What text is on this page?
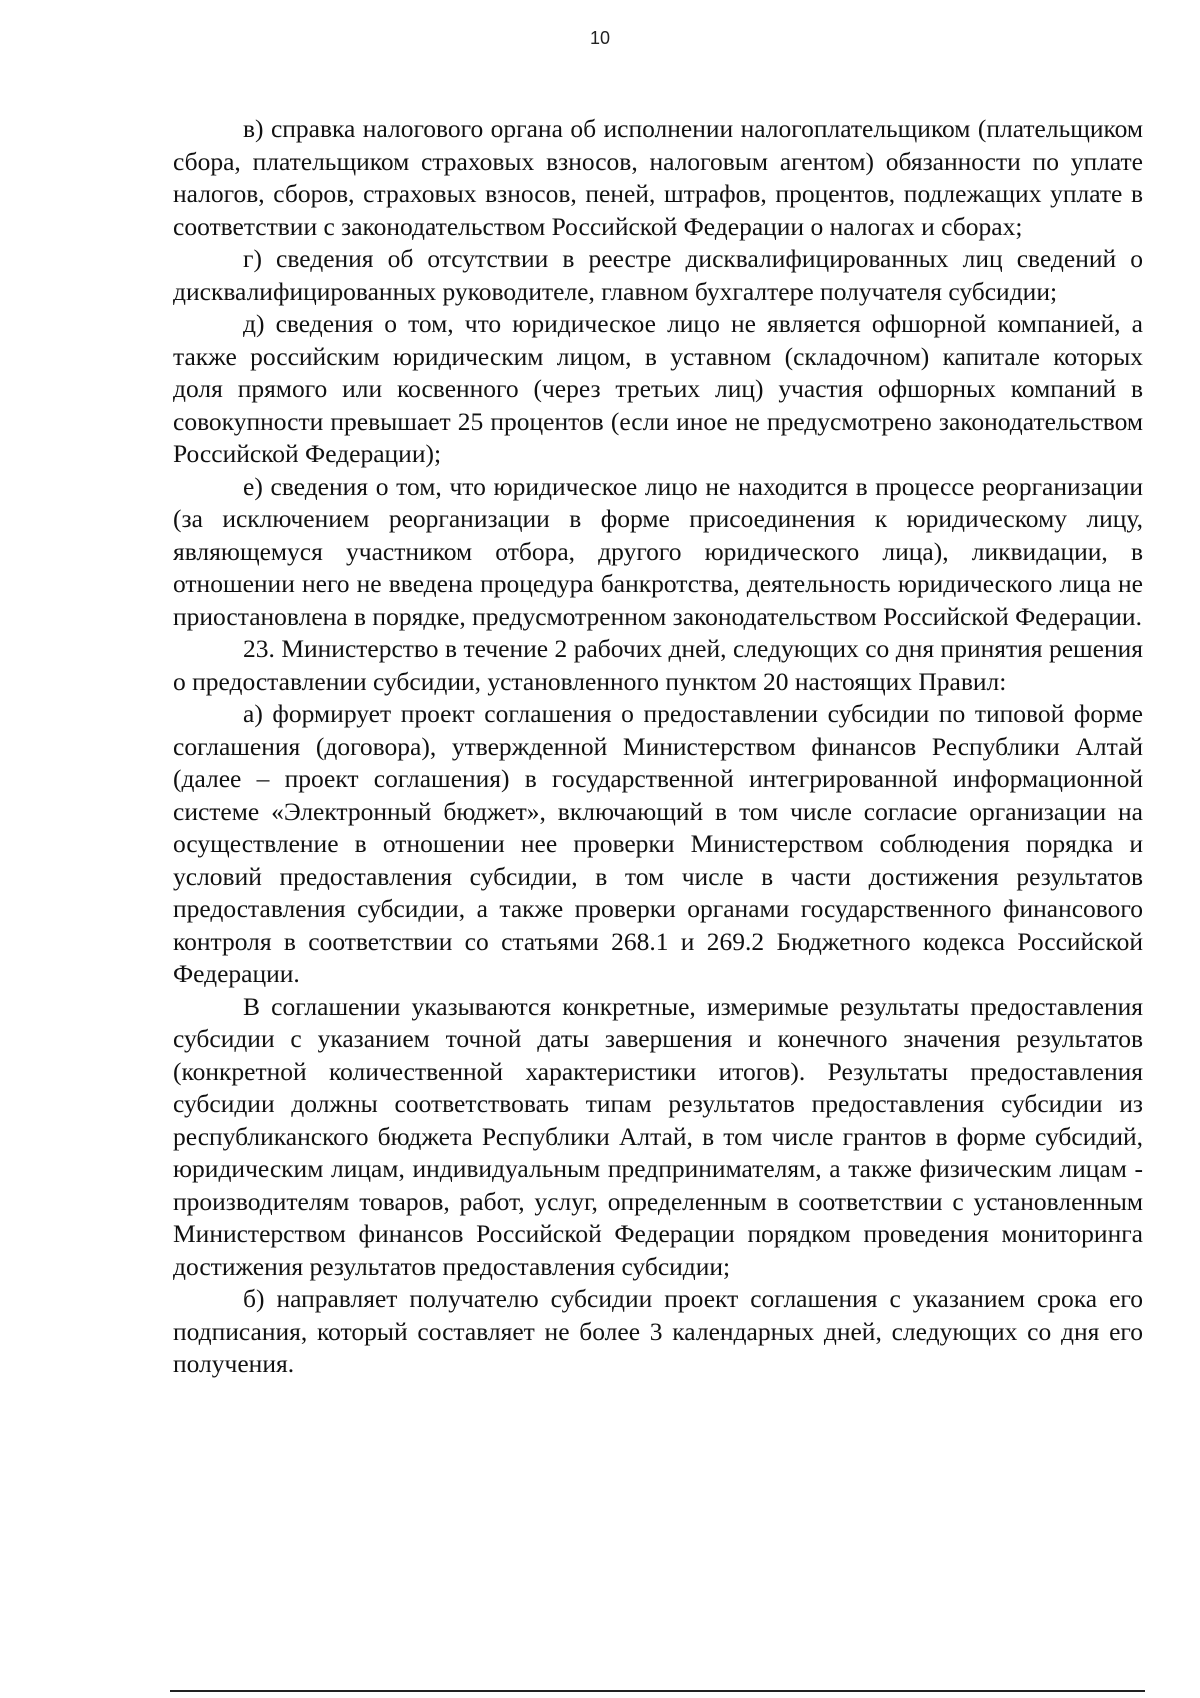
10

в) справка налогового органа об исполнении налогоплательщиком (плательщиком сбора, плательщиком страховых взносов, налоговым агентом) обязанности по уплате налогов, сборов, страховых взносов, пеней, штрафов, процентов, подлежащих уплате в соответствии с законодательством Российской Федерации о налогах и сборах;

г) сведения об отсутствии в реестре дисквалифицированных лиц сведений о дисквалифицированных руководителе, главном бухгалтере получателя субсидии;

д) сведения о том, что юридическое лицо не является офшорной компанией, а также российским юридическим лицом, в уставном (складочном) капитале которых доля прямого или косвенного (через третьих лиц) участия офшорных компаний в совокупности превышает 25 процентов (если иное не предусмотрено законодательством Российской Федерации);

е) сведения о том, что юридическое лицо не находится в процессе реорганизации (за исключением реорганизации в форме присоединения к юридическому лицу, являющемуся участником отбора, другого юридического лица), ликвидации, в отношении него не введена процедура банкротства, деятельность юридического лица не приостановлена в порядке, предусмотренном законодательством Российской Федерации.

23. Министерство в течение 2 рабочих дней, следующих со дня принятия решения о предоставлении субсидии, установленного пунктом 20 настоящих Правил:

а) формирует проект соглашения о предоставлении субсидии по типовой форме соглашения (договора), утвержденной Министерством финансов Республики Алтай (далее – проект соглашения) в государственной интегрированной информационной системе «Электронный бюджет», включающий в том числе согласие организации на осуществление в отношении нее проверки Министерством соблюдения порядка и условий предоставления субсидии, в том числе в части достижения результатов предоставления субсидии, а также проверки органами государственного финансового контроля в соответствии со статьями 268.1 и 269.2 Бюджетного кодекса Российской Федерации.

В соглашении указываются конкретные, измеримые результаты предоставления субсидии с указанием точной даты завершения и конечного значения результатов (конкретной количественной характеристики итогов). Результаты предоставления субсидии должны соответствовать типам результатов предоставления субсидии из республиканского бюджета Республики Алтай, в том числе грантов в форме субсидий, юридическим лицам, индивидуальным предпринимателям, а также физическим лицам - производителям товаров, работ, услуг, определенным в соответствии с установленным Министерством финансов Российской Федерации порядком проведения мониторинга достижения результатов предоставления субсидии;

б) направляет получателю субсидии проект соглашения с указанием срока его подписания, который составляет не более 3 календарных дней, следующих со дня его получения.
